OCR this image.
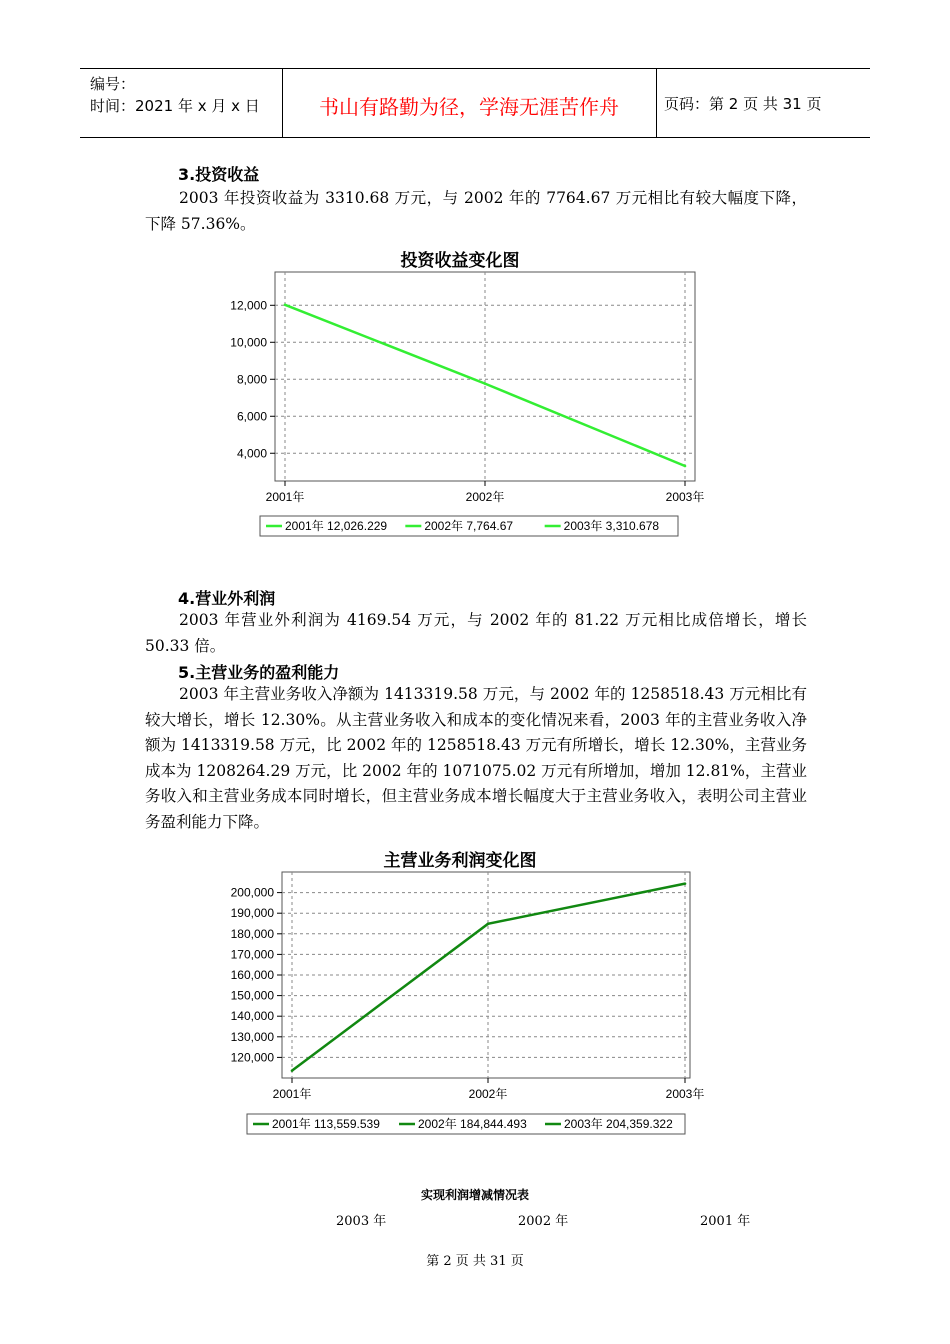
编号：
时间：2021 年 x 月 x 日	书山有路勤为径，学海无涯苦作舟	页码：第 2 页 共 31 页
3.投资收益
2003 年投资收益为 3310.68 万元，与 2002 年的 7764.67 万元相比有较大幅度下降，下降 57.36%。
投资收益变化图
4,000
6,000
8,000
10,000
12,000
2001年	2002年	2003年
2001年 12,026.229	2002年 7,764.67	2003年 3,310.678
4.营业外利润
2003 年营业外利润为 4169.54 万元，与 2002 年的 81.22 万元相比成倍增长，增长 50.33 倍。
5.主营业务的盈利能力
2003 年主营业务收入净额为 1413319.58 万元，与 2002 年的 1258518.43 万元相比有较大增长，增长 12.30%。从主营业务收入和成本的变化情况来看，2003 年的主营业务收入净额为 1413319.58 万元，比 2002 年的 1258518.43 万元有所增长，增长 12.30%，主营业务成本为 1208264.29 万元，比 2002 年的 1071075.02 万元有所增加，增加 12.81%，主营业务收入和主营业务成本同时增长，但主营业务成本增长幅度大于主营业务收入，表明公司主营业务盈利能力下降。
主营业务利润变化图
120,000
130,000
140,000
150,000
160,000
170,000
180,000
190,000
200,000
2001年	2002年	2003年
2001年 113,559.539	2002年 184,844.493	2003年 204,359.322
实现利润增减情况表
2003 年	2002 年	2001 年
第 2 页 共 31 页
